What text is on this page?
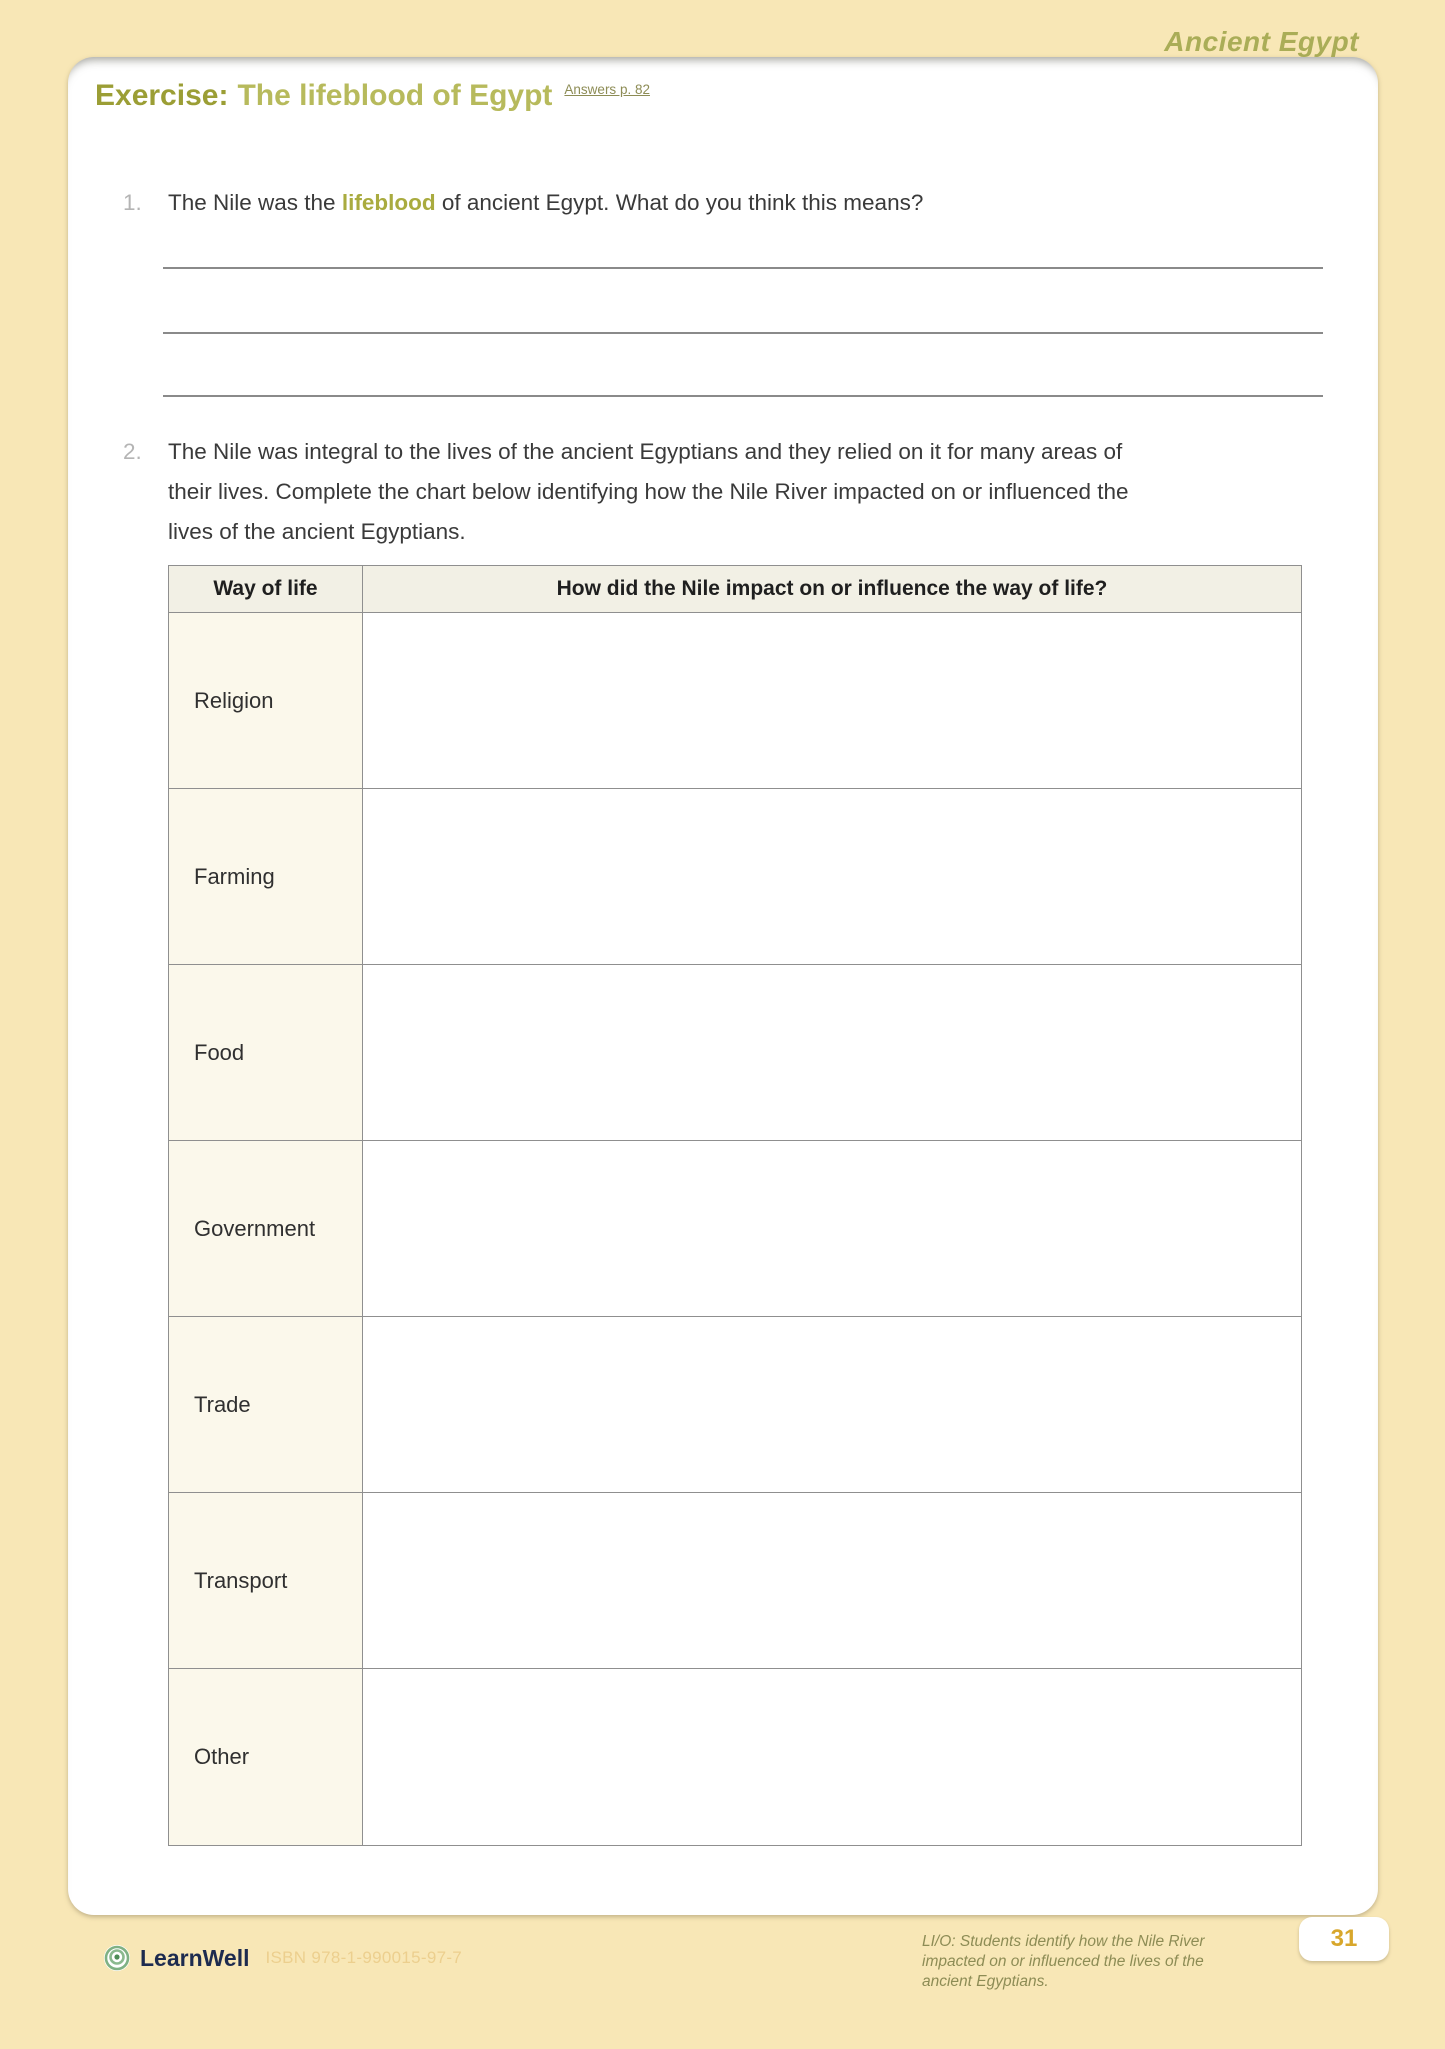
Ancient Egypt
Exercise: The lifeblood of Egypt Answers p. 82
1.	The Nile was the lifeblood of ancient Egypt. What do you think this means?
2.	The Nile was integral to the lives of the ancient Egyptians and they relied on it for many areas of
their lives. Complete the chart below identifying how the Nile River impacted on or influenced the
lives of the ancient Egyptians.
Way of life	How did the Nile impact on or influence the way of life?
Religion
Farming
Food
Government
Trade
Transport
Other
LearnWell ISBN 978-1-990015-97-7
LI/O: Students identify how the Nile River
impacted on or influenced the lives of the
ancient Egyptians.
31
